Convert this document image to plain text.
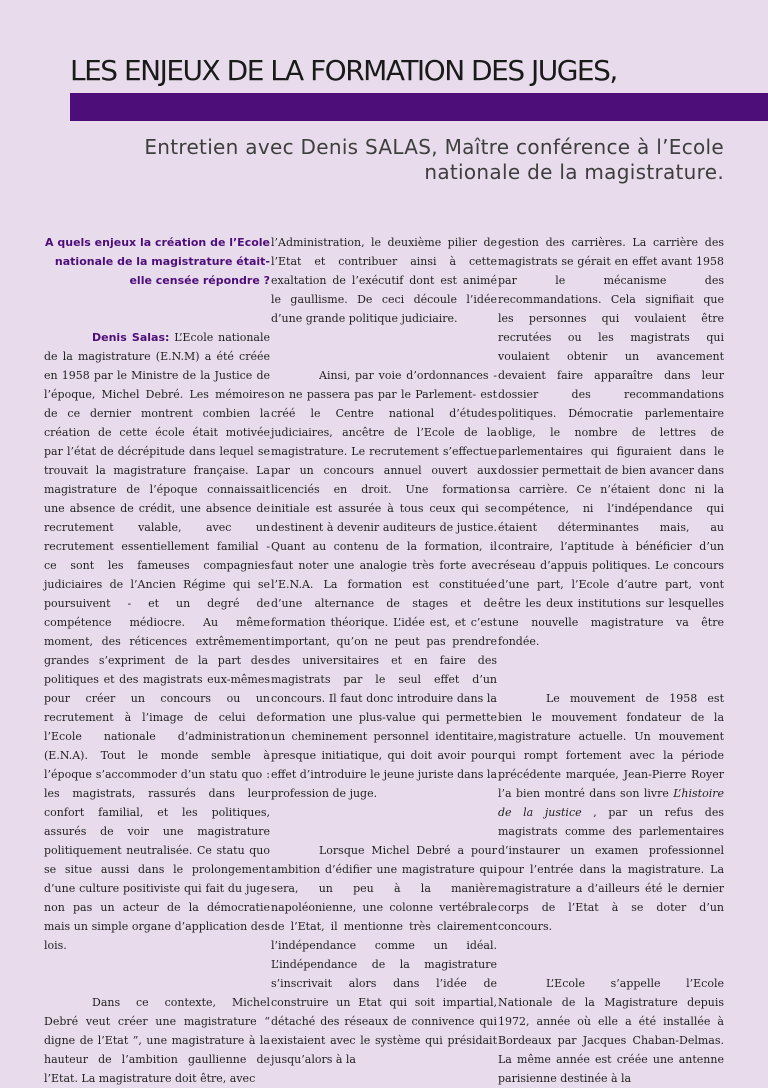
LES ENJEUX DE LA FORMATION DES JUGES,
Entretien avec Denis SALAS, Maître conférence à l’Ecole nationale de la magistrature.
A quels enjeux la création de l’Ecole nationale de la magistrature était-elle censée répondre ?

Denis Salas: L’Ecole nationale de la magistrature (E.N.M) a été créée en 1958 par le Ministre de la Justice de l’époque, Michel Debré. Les mémoires de ce dernier montrent combien la création de cette école était motivée par l’état de décrépitude dans lequel se trouvait la magistrature française. La magistrature de l’époque connaissait une absence de crédit, une absence de recrutement valable, avec un recrutement essentiellement familial - ce sont les fameuses compagnies judiciaires de l’Ancien Régime qui se poursuivent - et un degré de compétence médiocre. Au même moment, des réticences extrêmement grandes s’expriment de la part des politiques et des magistrats eux-mêmes pour créer un concours ou un recrutement à l’image de celui de l’Ecole nationale d’administration (E.N.A). Tout le monde semble à l’époque s’accommoder d’un statu quo : les magistrats, rassurés dans leur confort familial, et les politiques, assurés de voir une magistrature politiquement neutralisée. Ce statu quo se situe aussi dans le prolongement d’une culture positiviste qui fait du juge non pas un acteur de la démocratie mais un simple organe d’application des lois.

Dans ce contexte, Michel Debré veut créer une magistrature “ digne de l’Etat ”, une magistrature à la hauteur de l’ambition gaullienne de l’Etat. La magistrature doit être, avec

l’Administration, le deuxième pilier de l’Etat et contribuer ainsi à cette exaltation de l’exécutif dont est animé le gaullisme. De ceci découle l’idée d’une grande politique judiciaire.

Ainsi, par voie d’ordonnances -on ne passera pas par le Parlement- est créé le Centre national d’études judiciaires, ancêtre de l’Ecole de la magistrature. Le recrutement s’effectue par un concours annuel ouvert aux licenciés en droit. Une formation initiale est assurée à tous ceux qui se destinent à devenir auditeurs de justice. Quant au contenu de la formation, il faut noter une analogie très forte avec l’E.N.A. La formation est constituée d’une alternance de stages et de formation théorique. L’idée est, et c’est important, qu’on ne peut pas prendre des universitaires et en faire des magistrats par le seul effet d’un concours. Il faut donc introduire dans la formation une plus-value qui permette un cheminement personnel identitaire, presque initiatique, qui doit avoir pour effet d’introduire le jeune juriste dans la profession de juge.

Lorsque Michel Debré a pour ambition d’édifier une magistrature qui sera, un peu à la manière napoléonienne, une colonne vertébrale de l’Etat, il mentionne très clairement l’indépendance comme un idéal. L’indépendance de la magistrature s’inscrivait alors dans l’idée de construire un Etat qui soit impartial, détaché des réseaux de connivence qui existaient avec le système qui présidait jusqu’alors à la

gestion des carrières. La carrière des magistrats se gérait en effet avant 1958 par le mécanisme des recommandations. Cela signifiait que les personnes qui voulaient être recrutées ou les magistrats qui voulaient obtenir un avancement devaient faire apparaître dans leur dossier des recommandations politiques. Démocratie parlementaire oblige, le nombre de lettres de parlementaires qui figuraient dans le dossier permettait de bien avancer dans sa carrière. Ce n’étaient donc ni la compétence, ni l’indépendance qui étaient déterminantes mais, au contraire, l’aptitude à bénéficier d’un réseau d’appuis politiques. Le concours d’une part, l’Ecole d’autre part, vont être les deux institutions sur lesquelles une nouvelle magistrature va être fondée.

Le mouvement de 1958 est bien le mouvement fondateur de la magistrature actuelle. Un mouvement qui rompt fortement avec la période précédente marquée, Jean-Pierre Royer l’a bien montré dans son livre L’histoire de la justice , par un refus des magistrats comme des parlementaires d’instaurer un examen professionnel pour l’entrée dans la magistrature. La magistrature a d’ailleurs été le dernier corps de l’Etat à se doter d’un concours.

L’Ecole s’appelle l’Ecole Nationale de la Magistrature depuis 1972, année où elle a été installée à Bordeaux par Jacques Chaban-Delmas. La même année est créée une antenne parisienne destinée à la
